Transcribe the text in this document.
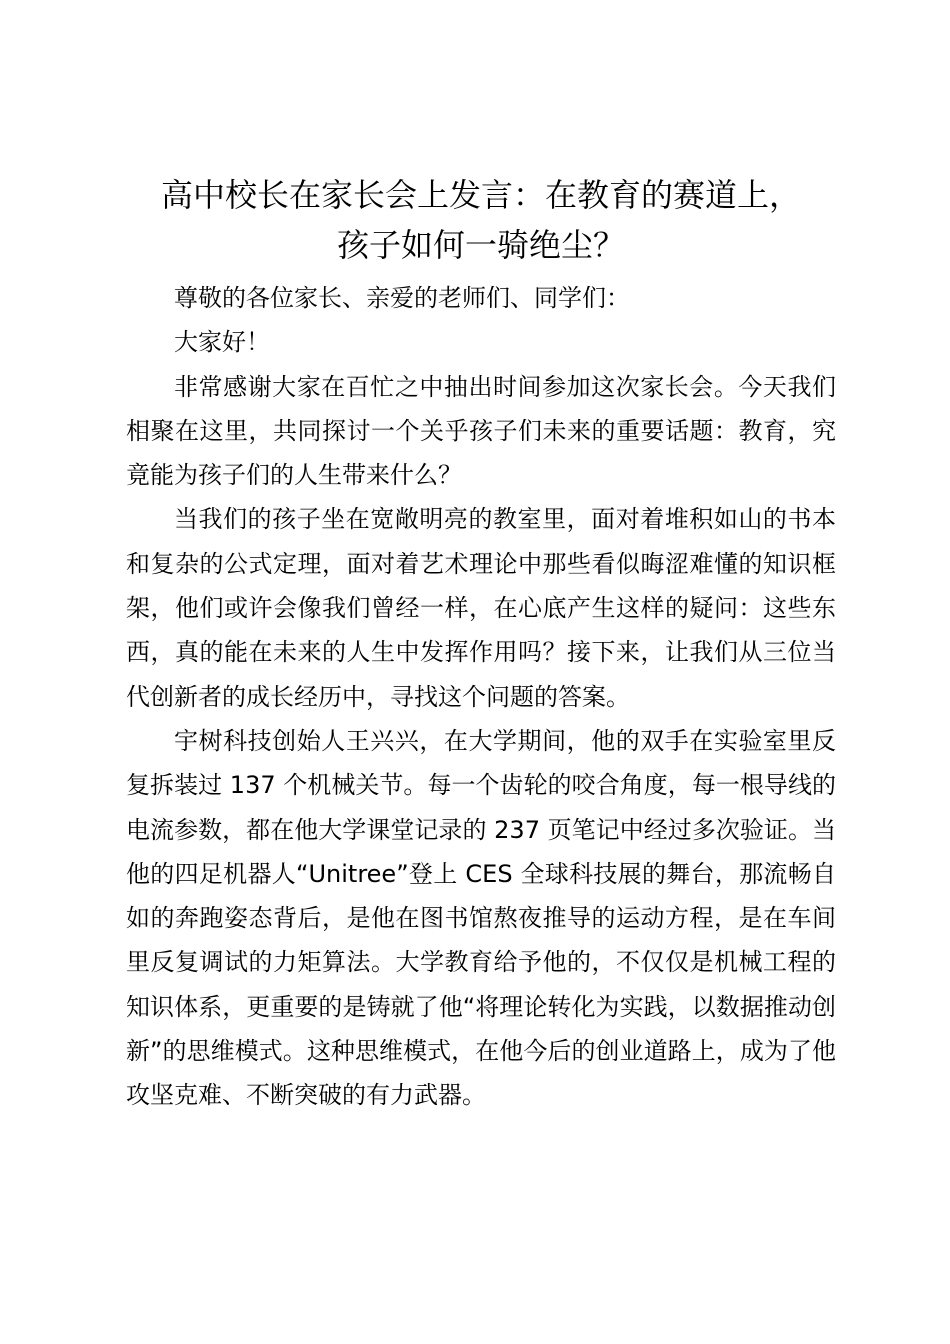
高中校长在家长会上发言：在教育的赛道上，
孩子如何一骑绝尘？

尊敬的各位家长、亲爱的老师们、同学们：

大家好！

非常感谢大家在百忙之中抽出时间参加这次家长会。今天我们相聚在这里，共同探讨一个关乎孩子们未来的重要话题：教育，究竟能为孩子们的人生带来什么？

当我们的孩子坐在宽敞明亮的教室里，面对着堆积如山的书本和复杂的公式定理，面对着艺术理论中那些看似晦涩难懂的知识框架，他们或许会像我们曾经一样，在心底产生这样的疑问：这些东西，真的能在未来的人生中发挥作用吗？接下来，让我们从三位当代创新者的成长经历中，寻找这个问题的答案。

宇树科技创始人王兴兴，在大学期间，他的双手在实验室里反复拆装过 137 个机械关节。每一个齿轮的咬合角度，每一根导线的电流参数，都在他大学课堂记录的 237 页笔记中经过多次验证。当他的四足机器人“Unitree”登上 CES 全球科技展的舞台，那流畅自如的奔跑姿态背后，是他在图书馆熬夜推导的运动方程，是在车间里反复调试的力矩算法。大学教育给予他的，不仅仅是机械工程的知识体系，更重要的是铸就了他“将理论转化为实践，以数据推动创新”的思维模式。这种思维模式，在他今后的创业道路上，成为了他攻坚克难、不断突破的有力武器。
